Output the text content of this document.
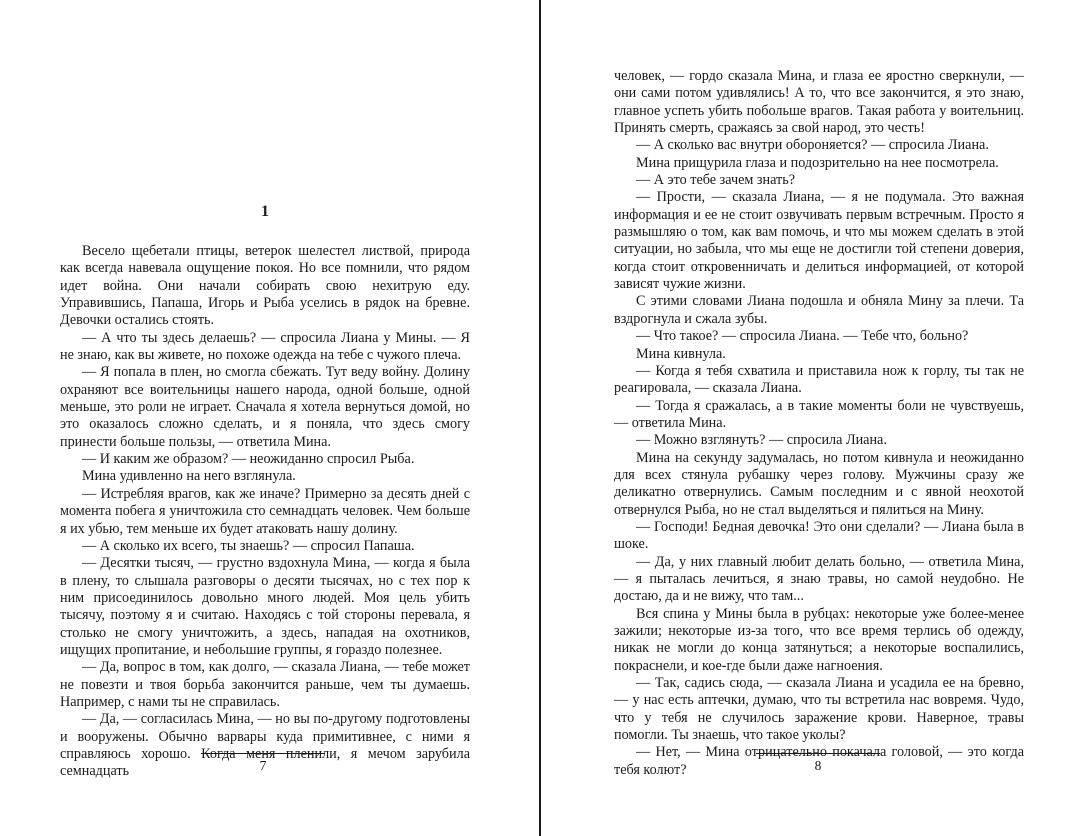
1

Весело щебетали птицы, ветерок шелестел листвой, природа как всегда навевала ощущение покоя. Но все помнили, что рядом идет война. Они начали собирать свою нехитрую еду. Управившись, Папаша, Игорь и Рыба уселись в рядок на бревне. Девочки остались стоять.

— А что ты здесь делаешь? — спросила Лиана у Мины. — Я не знаю, как вы живете, но похоже одежда на тебе с чужого плеча.

— Я попала в плен, но смогла сбежать. Тут веду войну. Долину охраняют все воительницы нашего народа, одной больше, одной меньше, это роли не играет. Сначала я хотела вернуться домой, но это оказалось сложно сделать, и я поняла, что здесь смогу принести больше пользы, — ответила Мина.

— И каким же образом? — неожиданно спросил Рыба.

Мина удивленно на него взглянула.

— Истребляя врагов, как же иначе? Примерно за десять дней с момента побега я уничтожила сто семнадцать человек. Чем больше я их убью, тем меньше их будет атаковать нашу долину.

— А сколько их всего, ты знаешь? — спросил Папаша.

— Десятки тысяч, — грустно вздохнула Мина, — когда я была в плену, то слышала разговоры о десяти тысячах, но с тех пор к ним присоединилось довольно много людей. Моя цель убить тысячу, поэтому я и считаю. Находясь с той стороны перевала, я столько не смогу уничтожить, а здесь, нападая на охотников, ищущих пропитание, и небольшие группы, я гораздо полезнее.

— Да, вопрос в том, как долго, — сказала Лиана, — тебе может не повезти и твоя борьба закончится раньше, чем ты думаешь. Например, с нами ты не справилась.

— Да, — согласилась Мина, — но вы по-другому подготовлены и вооружены. Обычно варвары куда примитивнее, с ними я справляюсь хорошо. Когда меня пленили, я мечом зарубила семнадцать	7

человек, — гордо сказала Мина, и глаза ее яростно сверкнули, — они сами потом удивлялись! А то, что все закончится, я это знаю, главное успеть убить побольше врагов. Такая работа у воительниц. Принять смерть, сражаясь за свой народ, это честь!

— А сколько вас внутри обороняется? — спросила Лиана.

Мина прищурила глаза и подозрительно на нее посмотрела.

— А это тебе зачем знать?

— Прости, — сказала Лиана, — я не подумала. Это важная информация и ее не стоит озвучивать первым встречным. Просто я размышляю о том, как вам помочь, и что мы можем сделать в этой ситуации, но забыла, что мы еще не достигли той степени доверия, когда стоит откровенничать и делиться информацией, от которой зависят чужие жизни.

С этими словами Лиана подошла и обняла Мину за плечи. Та вздрогнула и сжала зубы.

— Что такое? — спросила Лиана. — Тебе что, больно?

Мина кивнула.

— Когда я тебя схватила и приставила нож к горлу, ты так не реагировала, — сказала Лиана.

— Тогда я сражалась, а в такие моменты боли не чувствуешь, — ответила Мина.

— Можно взглянуть? — спросила Лиана.

Мина на секунду задумалась, но потом кивнула и неожиданно для всех стянула рубашку через голову. Мужчины сразу же деликатно отвернулись. Самым последним и с явной неохотой отвернулся Рыба, но не стал выделяться и пялиться на Мину.

— Господи! Бедная девочка! Это они сделали? — Лиана была в шоке.

— Да, у них главный любит делать больно, — ответила Мина, — я пыталась лечиться, я знаю травы, но самой неудобно. Не достаю, да и не вижу, что там...

Вся спина у Мины была в рубцах: некоторые уже более-менее зажили; некоторые из-за того, что все время терлись об одежду, никак не могли до конца затянуться; а некоторые воспалились, покраснели, и кое-где были даже нагноения.

— Так, садись сюда, — сказала Лиана и усадила ее на бревно, — у нас есть аптечки, думаю, что ты встретила нас вовремя. Чудо, что у тебя не случилось заражение крови. Наверное, травы помогли. Ты знаешь, что такое уколы?

— Нет, — Мина отрицательно покачала головой, — это когда тебя колют?	8
